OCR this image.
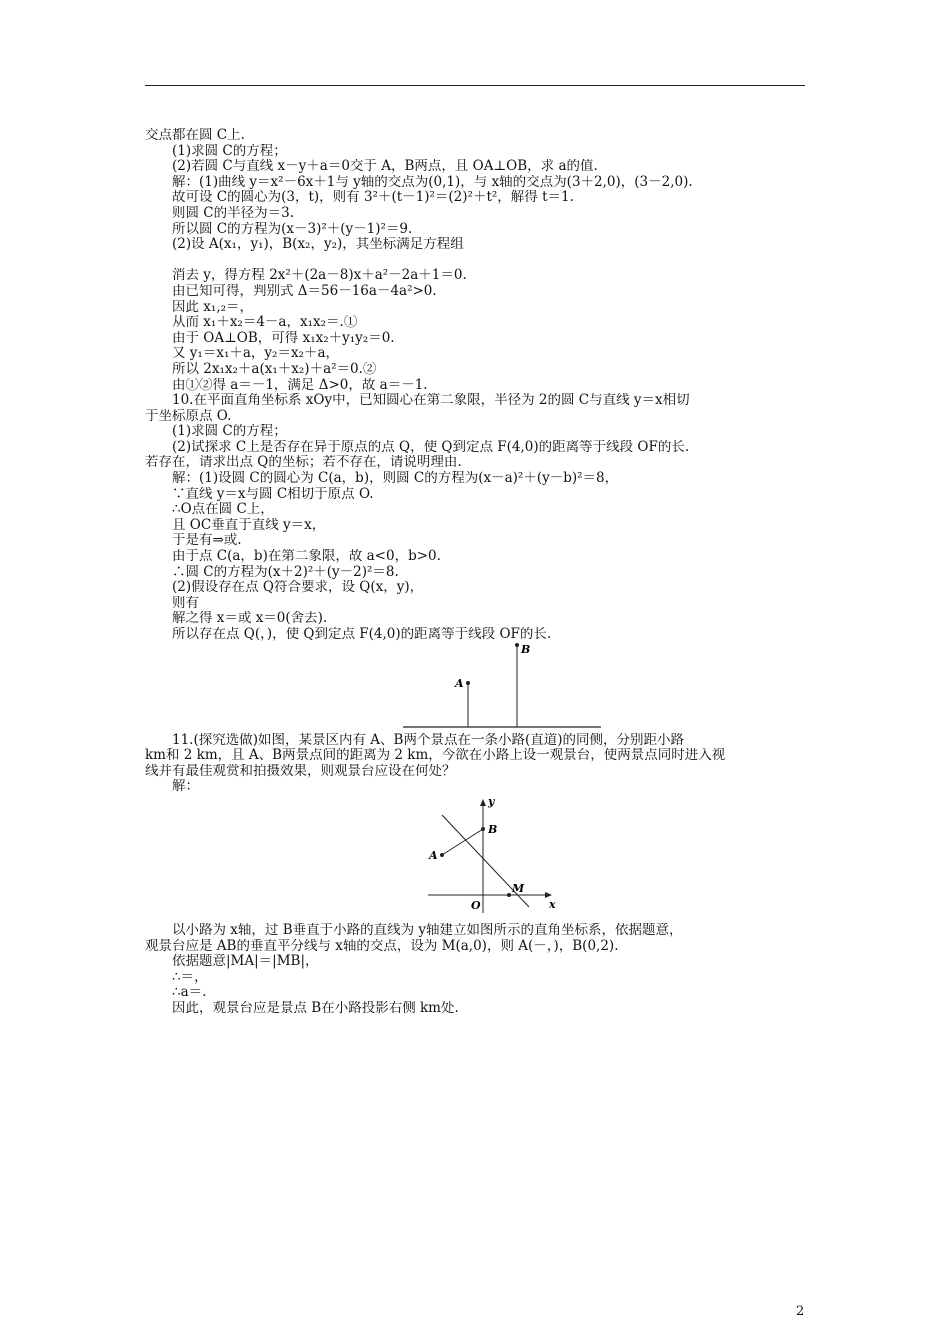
交点都在圆 C上.
(1)求圆 C的方程；
(2)若圆 C与直线 x－y＋a＝0交于 A，B两点，且 OA⊥OB，求 a的值.
解：(1)曲线 y＝x²－6x＋1与 y轴的交点为(0,1)，与 x轴的交点为(3＋2,0)，(3－2,0).
故可设 C的圆心为(3，t)，则有 3²＋(t－1)²＝(2)²＋t²，解得 t＝1.
则圆 C的半径为＝3.
所以圆 C的方程为(x－3)²＋(y－1)²＝9.
(2)设 A(x₁，y₁)，B(x₂，y₂)，其坐标满足方程组
消去 y，得方程 2x²＋(2a－8)x＋a²－2a＋1＝0.
由已知可得，判别式 Δ＝56－16a－4a²>0.
因此 x₁,₂＝，
从而 x₁＋x₂＝4－a，x₁x₂＝.①
由于 OA⊥OB，可得 x₁x₂＋y₁y₂＝0.
又 y₁＝x₁＋a，y₂＝x₂＋a，
所以 2x₁x₂＋a(x₁＋x₂)＋a²＝0.②
由①②得 a＝－1，满足 Δ>0，故 a＝－1.
10.在平面直角坐标系 xOy中，已知圆心在第二象限，半径为 2的圆 C与直线 y＝x相切
于坐标原点 O.
(1)求圆 C的方程；
(2)试探求 C上是否存在异于原点的点 Q，使 Q到定点 F(4,0)的距离等于线段 OF的长.
若存在，请求出点 Q的坐标；若不存在，请说明理由.
解：(1)设圆 C的圆心为 C(a，b)，则圆 C的方程为(x－a)²＋(y－b)²＝8，
∵直线 y＝x与圆 C相切于原点 O.
∴O点在圆 C上，
且 OC垂直于直线 y＝x，
于是有⇒或.
由于点 C(a，b)在第二象限，故 a<0，b>0.
∴圆 C的方程为(x＋2)²＋(y－2)²＝8.
(2)假设存在点 Q符合要求，设 Q(x，y)，
则有
解之得 x＝或 x＝0(舍去).
所以存在点 Q(，)，使 Q到定点 F(4,0)的距离等于线段 OF的长.
A
B
11.(探究选做)如图，某景区内有 A、B两个景点在一条小路(直道)的同侧，分别距小路
km和 2 km，且 A、B两景点间的距离为 2 km，今欲在小路上设一观景台，使两景点同时进入视
线并有最佳观赏和拍摄效果，则观景台应设在何处？
解：
y
x
O
A
B
M
以小路为 x轴，过 B垂直于小路的直线为 y轴建立如图所示的直角坐标系，依据题意，
观景台应是 AB的垂直平分线与 x轴的交点，设为 M(a,0)，则 A(－，)，B(0,2).
依据题意|MA|＝|MB|，
∴＝，
∴a＝.
因此，观景台应是景点 B在小路投影右侧 km处.
2
